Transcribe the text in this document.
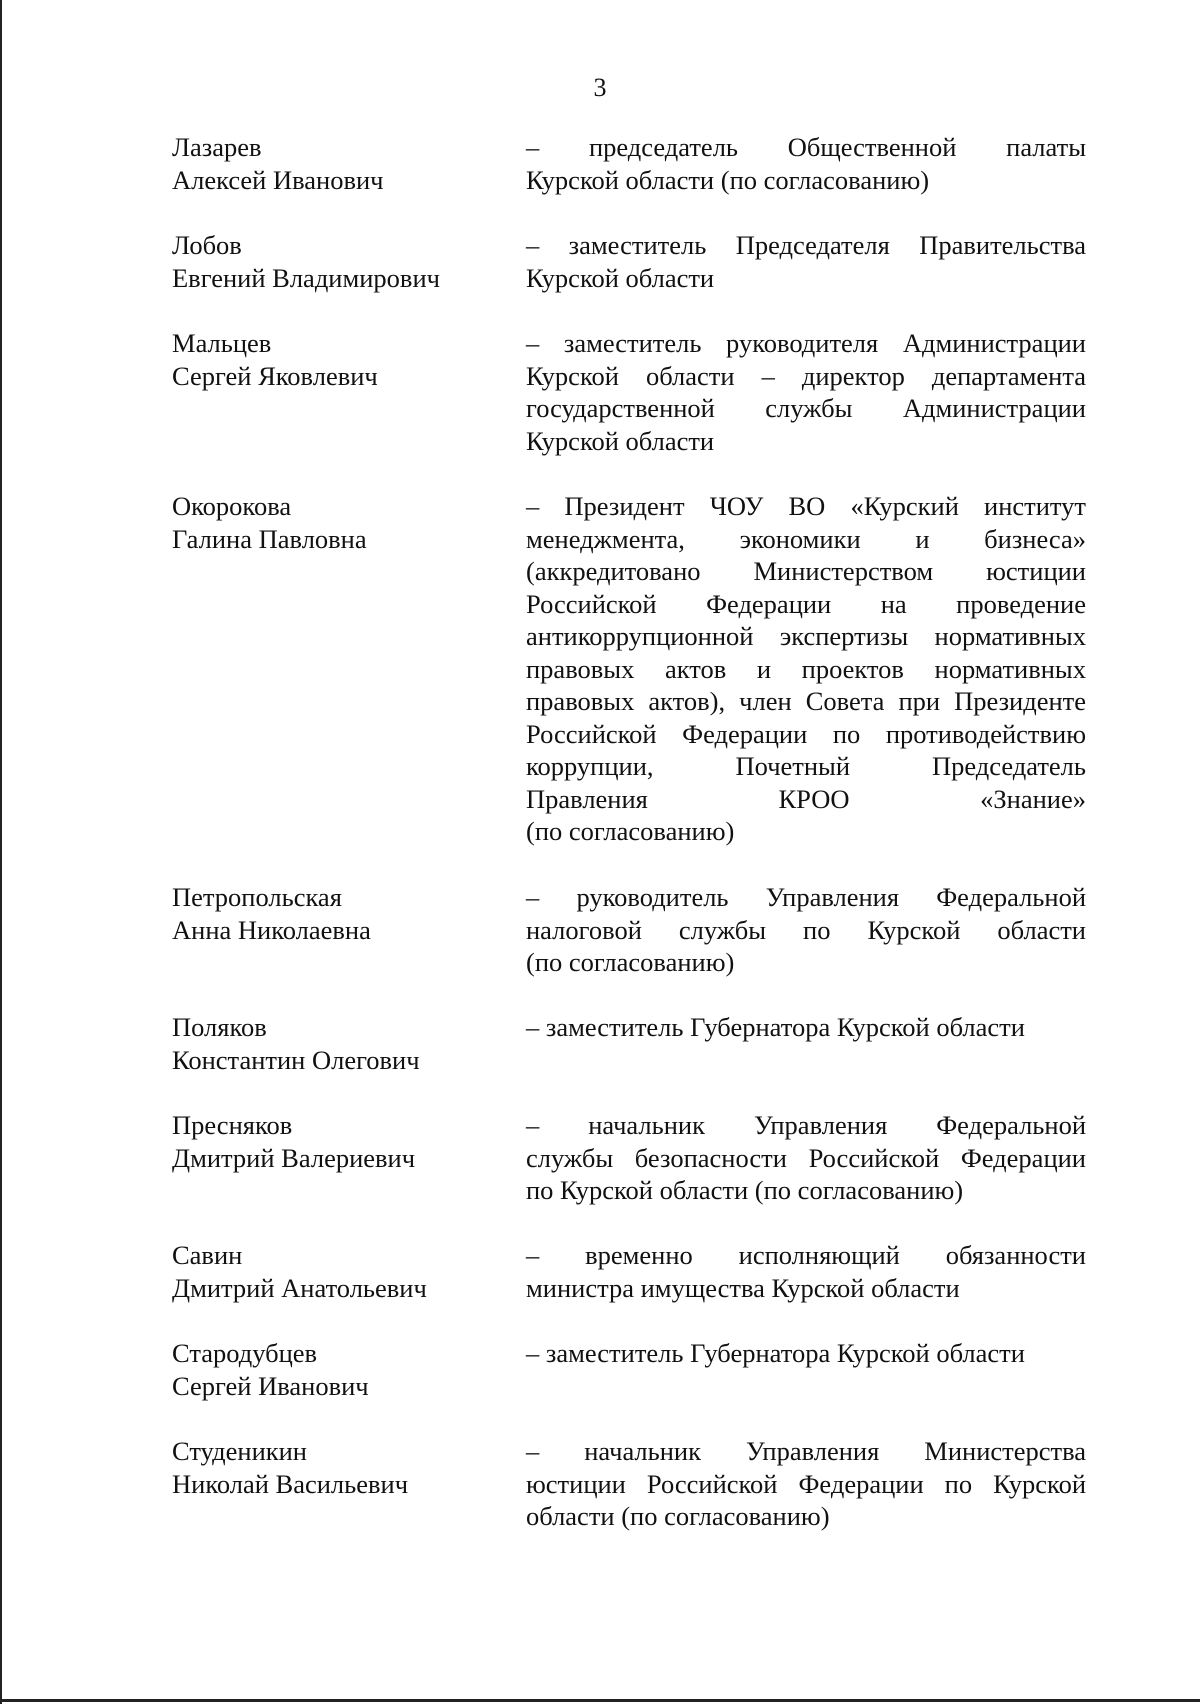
3
Лазарев
Алексей Иванович
– председатель Общественной палаты
Курской области (по согласованию)
Лобов
Евгений Владимирович
– заместитель Председателя Правительства
Курской области
Мальцев
Сергей Яковлевич
– заместитель руководителя Администрации
Курской области – директор департамента
государственной службы Администрации
Курской области
Окорокова
Галина Павловна
– Президент ЧОУ ВО «Курский институт
менеджмента, экономики и бизнеса»
(аккредитовано Министерством юстиции
Российской Федерации на проведение
антикоррупционной экспертизы нормативных
правовых актов и проектов нормативных
правовых актов), член Совета при Президенте
Российской Федерации по противодействию
коррупции, Почетный Председатель
Правления КРОО «Знание»
(по согласованию)
Петропольская
Анна Николаевна
– руководитель Управления Федеральной
налоговой службы по Курской области
(по согласованию)
Поляков
Константин Олегович
– заместитель Губернатора Курской области
Пресняков
Дмитрий Валериевич
– начальник Управления Федеральной
службы безопасности Российской Федерации
по Курской области (по согласованию)
Савин
Дмитрий Анатольевич
– временно исполняющий обязанности
министра имущества Курской области
Стародубцев
Сергей Иванович
– заместитель Губернатора Курской области
Студеникин
Николай Васильевич
– начальник Управления Министерства
юстиции Российской Федерации по Курской
области (по согласованию)
